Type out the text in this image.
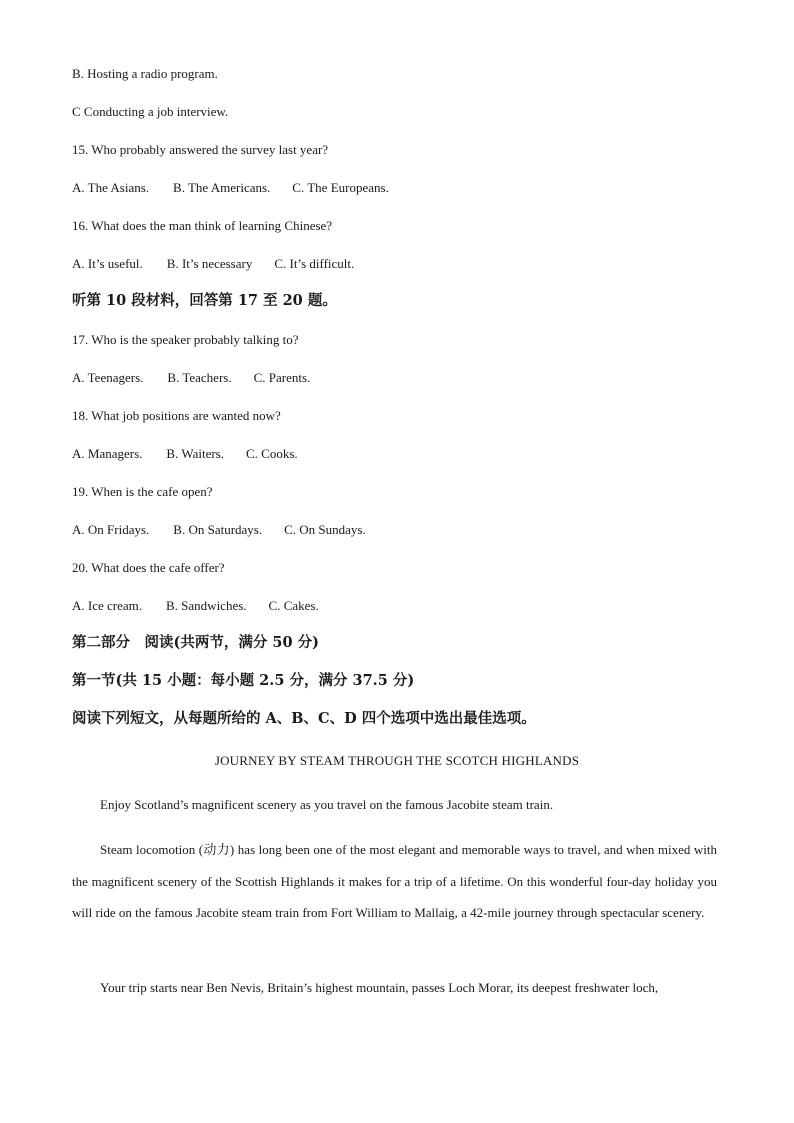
B. Hosting a radio program.
C Conducting a job interview.
15. Who probably answered the survey last year?
A. The Asians. B. The Americans. C. The Europeans.
16. What does the man think of learning Chinese?
A. It’s useful. B. It’s necessary C. It’s difficult.
听第 10 段材料，回答第 17 至 20 题。
17. Who is the speaker probably talking to?
A. Teenagers. B. Teachers. C. Parents.
18. What job positions are wanted now?
A. Managers. B. Waiters. C. Cooks.
19. When is the cafe open?
A. On Fridays. B. On Saturdays. C. On Sundays.
20. What does the cafe offer?
A. Ice cream. B. Sandwiches. C. Cakes.
第二部分　阅读(共两节，满分 50 分)
第一节(共 15 小题：每小题 2.5 分，满分 37.5 分)
阅读下列短文，从每题所给的 A、B、C、D 四个选项中选出最佳选项。
JOURNEY BY STEAM THROUGH THE SCOTCH HIGHLANDS
Enjoy Scotland’s magnificent scenery as you travel on the famous Jacobite steam train.
Steam locomotion (动力) has long been one of the most elegant and memorable ways to travel, and when mixed with the magnificent scenery of the Scottish Highlands it makes for a trip of a lifetime. On this wonderful four-day holiday you will ride on the famous Jacobite steam train from Fort William to Mallaig, a 42-mile journey through spectacular scenery.
Your trip starts near Ben Nevis, Britain’s highest mountain, passes Loch Morar, its deepest freshwater loch,
